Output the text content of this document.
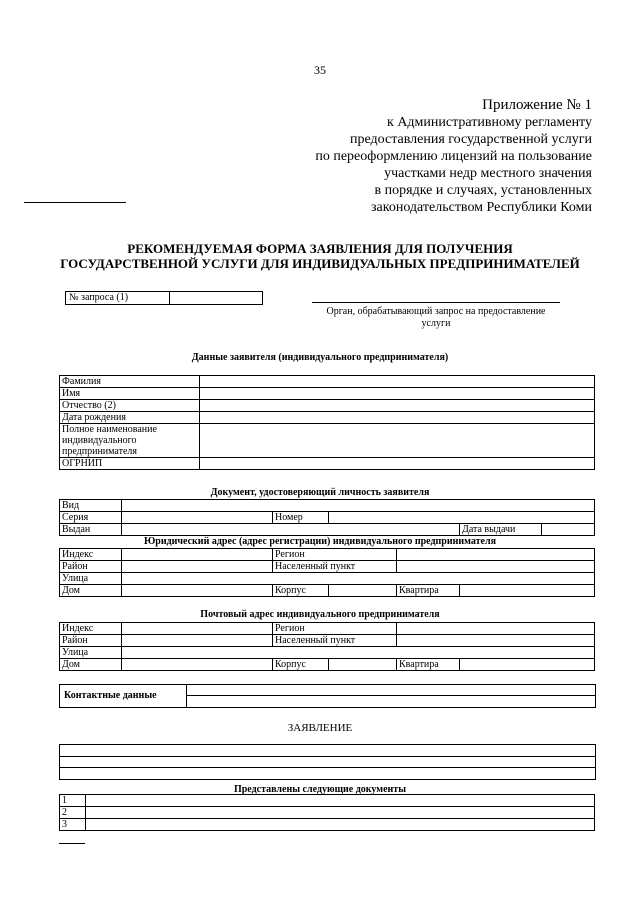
35
Приложение № 1
к Административному регламенту
предоставления государственной услуги
по переоформлению лицензий на пользование
участками недр местного значения
в порядке и случаях, установленных
законодательством Республики Коми
РЕКОМЕНДУЕМАЯ ФОРМА ЗАЯВЛЕНИЯ ДЛЯ ПОЛУЧЕНИЯ
ГОСУДАРСТВЕННОЙ УСЛУГИ ДЛЯ ИНДИВИДУАЛЬНЫХ ПРЕДПРИНИМАТЕЛЕЙ
№ запроса (1)
Орган, обрабатывающий запрос на предоставление услуги
Данные заявителя (индивидуального предпринимателя)
Фамилия	
Имя	
Отчество (2)	
Дата рождения	
Полное наименование индивидуального предпринимателя	
ОГРНИП	
Документ, удостоверяющий личность заявителя
Вид					
Серия		Номер			
Выдан				Дата выдачи	
Юридический адрес (адрес регистрации) индивидуального предпринимателя
Индекс		Регион			
Район		Населенный пункт			
Улица					
Дом		Корпус		Квартира	
Почтовый адрес индивидуального предпринимателя
Индекс		Регион			
Район		Населенный пункт			
Улица					
Дом		Корпус		Квартира	
Контактные данные
ЗАЯВЛЕНИЕ
Представлены следующие документы
1	
2	
3	
